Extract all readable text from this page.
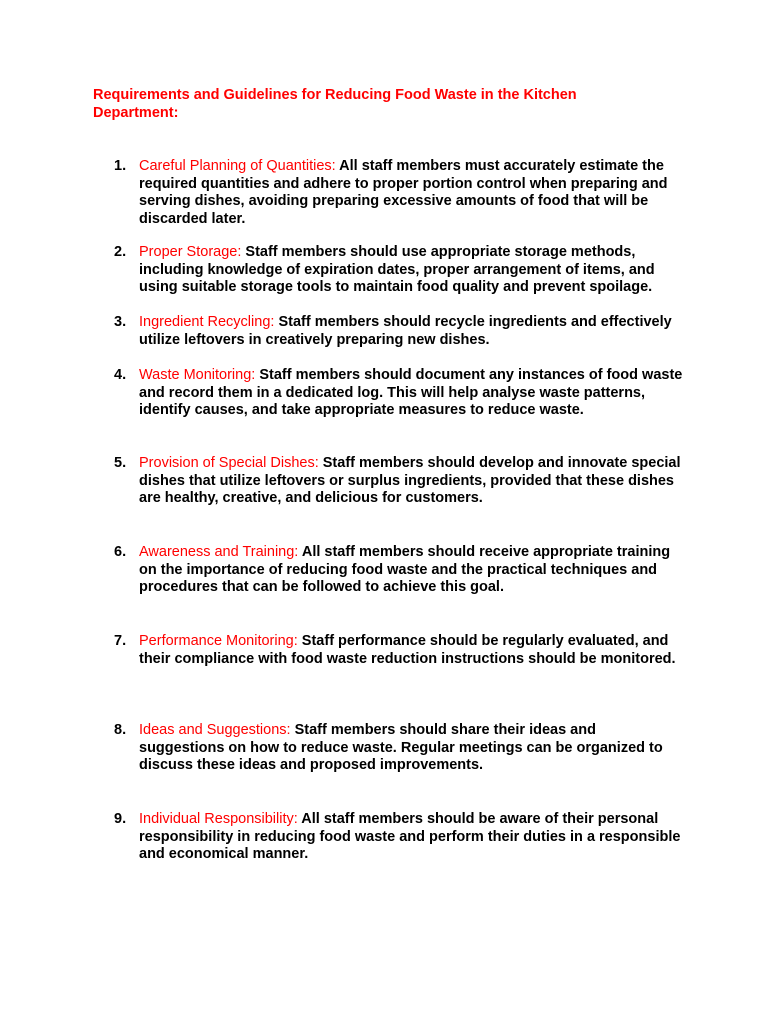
Requirements and Guidelines for Reducing Food Waste in the Kitchen Department:
1. Careful Planning of Quantities: All staff members must accurately estimate the required quantities and adhere to proper portion control when preparing and serving dishes, avoiding preparing excessive amounts of food that will be discarded later.

2. Proper Storage: Staff members should use appropriate storage methods, including knowledge of expiration dates, proper arrangement of items, and using suitable storage tools to maintain food quality and prevent spoilage.

3. Ingredient Recycling: Staff members should recycle ingredients and effectively utilize leftovers in creatively preparing new dishes.

4. Waste Monitoring: Staff members should document any instances of food waste and record them in a dedicated log. This will help analyse waste patterns, identify causes, and take appropriate measures to reduce waste.

5. Provision of Special Dishes: Staff members should develop and innovate special dishes that utilize leftovers or surplus ingredients, provided that these dishes are healthy, creative, and delicious for customers.

6. Awareness and Training: All staff members should receive appropriate training on the importance of reducing food waste and the practical techniques and procedures that can be followed to achieve this goal.

7. Performance Monitoring: Staff performance should be regularly evaluated, and their compliance with food waste reduction instructions should be monitored.

8. Ideas and Suggestions: Staff members should share their ideas and suggestions on how to reduce waste. Regular meetings can be organized to discuss these ideas and proposed improvements.

9. Individual Responsibility: All staff members should be aware of their personal responsibility in reducing food waste and perform their duties in a responsible and economical manner.
